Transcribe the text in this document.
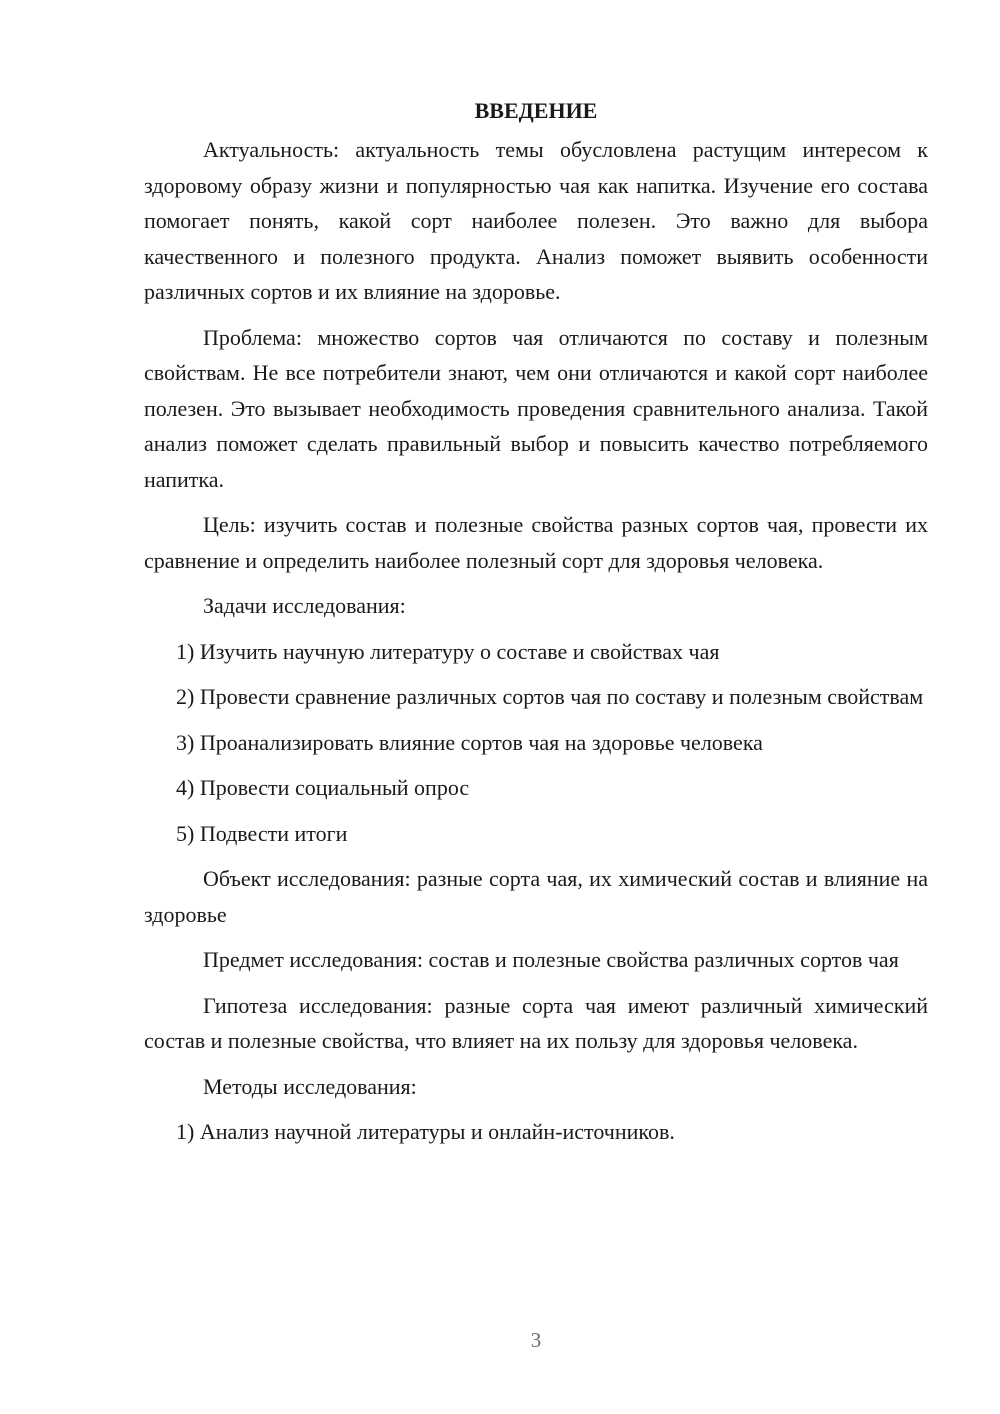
ВВЕДЕНИЕ
Актуальность: актуальность темы обусловлена растущим интересом к здоровому образу жизни и популярностью чая как напитка. Изучение его состава помогает понять, какой сорт наиболее полезен. Это важно для выбора качественного и полезного продукта. Анализ поможет выявить особенности различных сортов и их влияние на здоровье.
Проблема: множество сортов чая отличаются по составу и полезным свойствам. Не все потребители знают, чем они отличаются и какой сорт наиболее полезен. Это вызывает необходимость проведения сравнительного анализа. Такой анализ поможет сделать правильный выбор и повысить качество потребляемого напитка.
Цель: изучить состав и полезные свойства разных сортов чая, провести их сравнение и определить наиболее полезный сорт для здоровья человека.
Задачи исследования:
1) Изучить научную литературу о составе и свойствах чая
2) Провести сравнение различных сортов чая по составу и полезным свойствам
3) Проанализировать влияние сортов чая на здоровье человека
4) Провести социальный опрос
5) Подвести итоги
Объект исследования: разные сорта чая, их химический состав и влияние на здоровье
Предмет исследования: состав и полезные свойства различных сортов чая
Гипотеза исследования: разные сорта чая имеют различный химический состав и полезные свойства, что влияет на их пользу для здоровья человека.
Методы исследования:
1) Анализ научной литературы и онлайн-источников.
3
